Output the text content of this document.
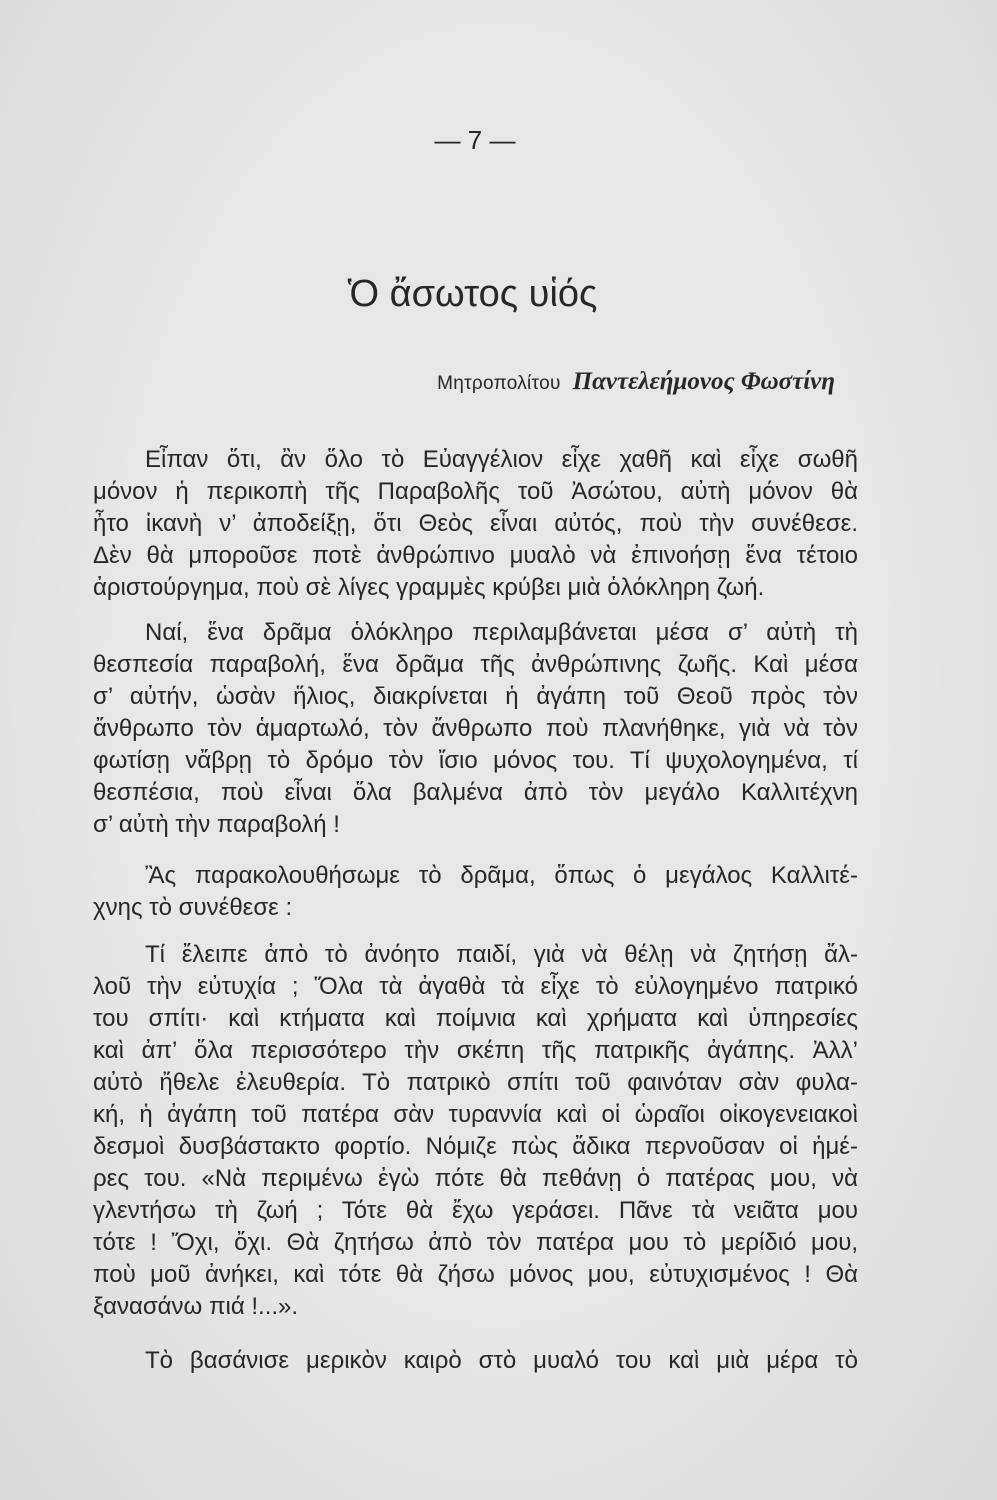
— 7 —
Ὁ ἄσωτος υἱός
Μητροπολίτου Παντελεήμονος Φωστίνη
Εἶπαν ὅτι, ἂν ὅλο τὸ Εὐαγγέλιον εἶχε χαθῆ καὶ εἶχε σωθῆ
μόνον ἡ περικοπὴ τῆς Παραβολῆς τοῦ Ἀσώτου, αὐτὴ μόνον θὰ
ἦτο ἱκανὴ ν’ ἀποδείξῃ, ὅτι Θεὸς εἶναι αὐτός, ποὺ τὴν συνέθεσε.
Δὲν θὰ μποροῦσε ποτὲ ἀνθρώπινο μυαλὸ νὰ ἐπινοήσῃ ἕνα τέτοιο
ἀριστούργημα, ποὺ σὲ λίγες γραμμὲς κρύβει μιὰ ὁλόκληρη ζωή.
Ναί, ἕνα δρᾶμα ὁλόκληρο περιλαμβάνεται μέσα σ’ αὐτὴ τὴ
θεσπεσία παραβολή, ἕνα δρᾶμα τῆς ἀνθρώπινης ζωῆς. Καὶ μέσα
σ’ αὐτήν, ὡσὰν ἥλιος, διακρίνεται ἡ ἀγάπη τοῦ Θεοῦ πρὸς τὸν
ἄνθρωπο τὸν ἁμαρτωλό, τὸν ἄνθρωπο ποὺ πλανήθηκε, γιὰ νὰ τὸν
φωτίσῃ νἄβρῃ τὸ δρόμο τὸν ἴσιο μόνος του. Τί ψυχολογημένα, τί
θεσπέσια, ποὺ εἶναι ὅλα βαλμένα ἀπὸ τὸν μεγάλο Καλλιτέχνη
σ’ αὐτὴ τὴν παραβολή !
Ἂς παρακολουθήσωμε τὸ δρᾶμα, ὅπως ὁ μεγάλος Καλλιτέ-
χνης τὸ συνέθεσε :
Τί ἔλειπε ἀπὸ τὸ ἀνόητο παιδί, γιὰ νὰ θέλῃ νὰ ζητήσῃ ἄλ-
λοῦ τὴν εὐτυχία ; Ὅλα τὰ ἀγαθὰ τὰ εἶχε τὸ εὐλογημένο πατρικό
του σπίτι· καὶ κτήματα καὶ ποίμνια καὶ χρήματα καὶ ὑπηρεσίες
καὶ ἀπ’ ὅλα περισσότερο τὴν σκέπη τῆς πατρικῆς ἀγάπης. Ἀλλ’
αὐτὸ ἤθελε ἐλευθερία. Τὸ πατρικὸ σπίτι τοῦ φαινόταν σὰν φυλα-
κή, ἡ ἀγάπη τοῦ πατέρα σὰν τυραννία καὶ οἱ ὡραῖοι οἰκογενειακοὶ
δεσμοὶ δυσβάστακτο φορτίο. Νόμιζε πὼς ἄδικα περνοῦσαν οἱ ἡμέ-
ρες του. «Νὰ περιμένω ἐγὼ πότε θὰ πεθάνῃ ὁ πατέρας μου, νὰ
γλεντήσω τὴ ζωή ; Τότε θὰ ἔχω γεράσει. Πᾶνε τὰ νειᾶτα μου
τότε ! Ὄχι, ὄχι. Θὰ ζητήσω ἀπὸ τὸν πατέρα μου τὸ μερίδιό μου,
ποὺ μοῦ ἀνήκει, καὶ τότε θὰ ζήσω μόνος μου, εὐτυχισμένος ! Θὰ
ξανασάνω πιά !...».
Τὸ βασάνισε μερικὸν καιρὸ στὸ μυαλό του καὶ μιὰ μέρα τὸ
